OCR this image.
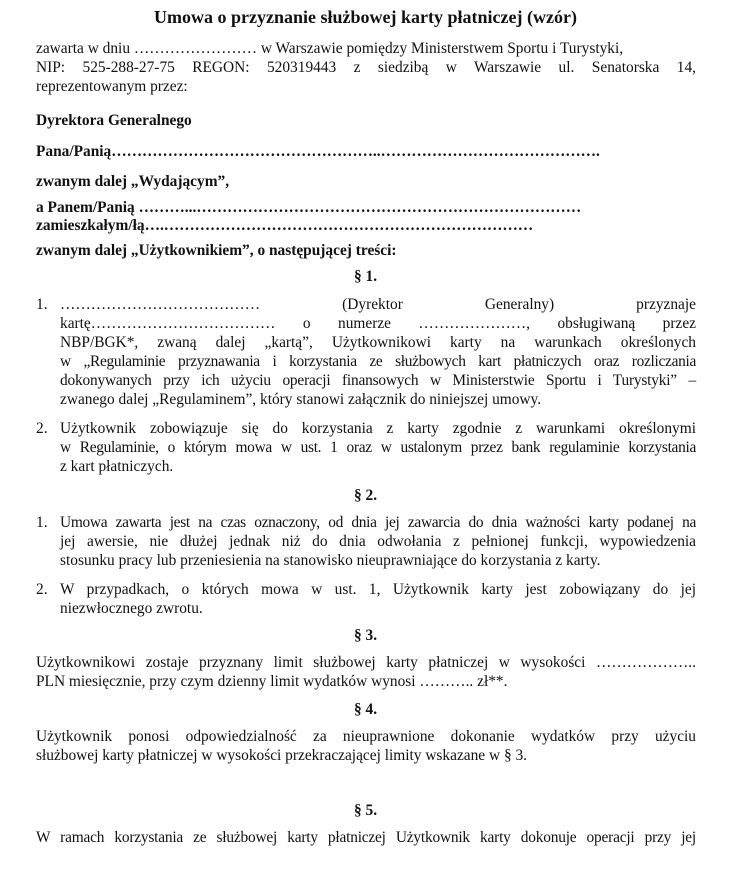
Umowa o przyznanie służbowej karty płatniczej (wzór)
zawarta w dniu …………………… w Warszawie pomiędzy Ministerstwem Sportu i Turystyki,
NIP: 525-288-27-75 REGON: 520319443 z siedzibą w Warszawie ul. Senatorska 14,
reprezentowanym przez:
Dyrektora Generalnego
Pana/Panią……………………………………………..…………………………………….
zwanym dalej „Wydającym”,
a Panem/Panią ………...…………………………………………………………………
zamieszkałym/łą….………………………………………………………………
zwanym dalej „Użytkownikiem”, o następującej treści:
§ 1.
1. ………………………………… (Dyrektor Generalny) przyznaje
kartę……………………………… o numerze …………………, obsługiwaną przez
NBP/BGK*, zwaną dalej „kartą”, Użytkownikowi karty na warunkach określonych
w „Regulaminie przyznawania i korzystania ze służbowych kart płatniczych oraz rozliczania
dokonywanych przy ich użyciu operacji finansowych w Ministerstwie Sportu i Turystyki” –
zwanego dalej „Regulaminem”, który stanowi załącznik do niniejszej umowy.
2. Użytkownik zobowiązuje się do korzystania z karty zgodnie z warunkami określonymi
w Regulaminie, o którym mowa w ust. 1 oraz w ustalonym przez bank regulaminie korzystania
z kart płatniczych.
§ 2.
1. Umowa zawarta jest na czas oznaczony, od dnia jej zawarcia do dnia ważności karty podanej na
jej awersie, nie dłużej jednak niż do dnia odwołania z pełnionej funkcji, wypowiedzenia
stosunku pracy lub przeniesienia na stanowisko nieuprawniające do korzystania z karty.
2. W przypadkach, o których mowa w ust. 1, Użytkownik karty jest zobowiązany do jej
niezwłocznego zwrotu.
§ 3.
Użytkownikowi zostaje przyznany limit służbowej karty płatniczej w wysokości ………………..
PLN miesięcznie, przy czym dzienny limit wydatków wynosi ……….. zł**.
§ 4.
Użytkownik ponosi odpowiedzialność za nieuprawnione dokonanie wydatków przy użyciu
służbowej karty płatniczej w wysokości przekraczającej limity wskazane w § 3.
§ 5.
W ramach korzystania ze służbowej karty płatniczej Użytkownik karty dokonuje operacji przy jej
